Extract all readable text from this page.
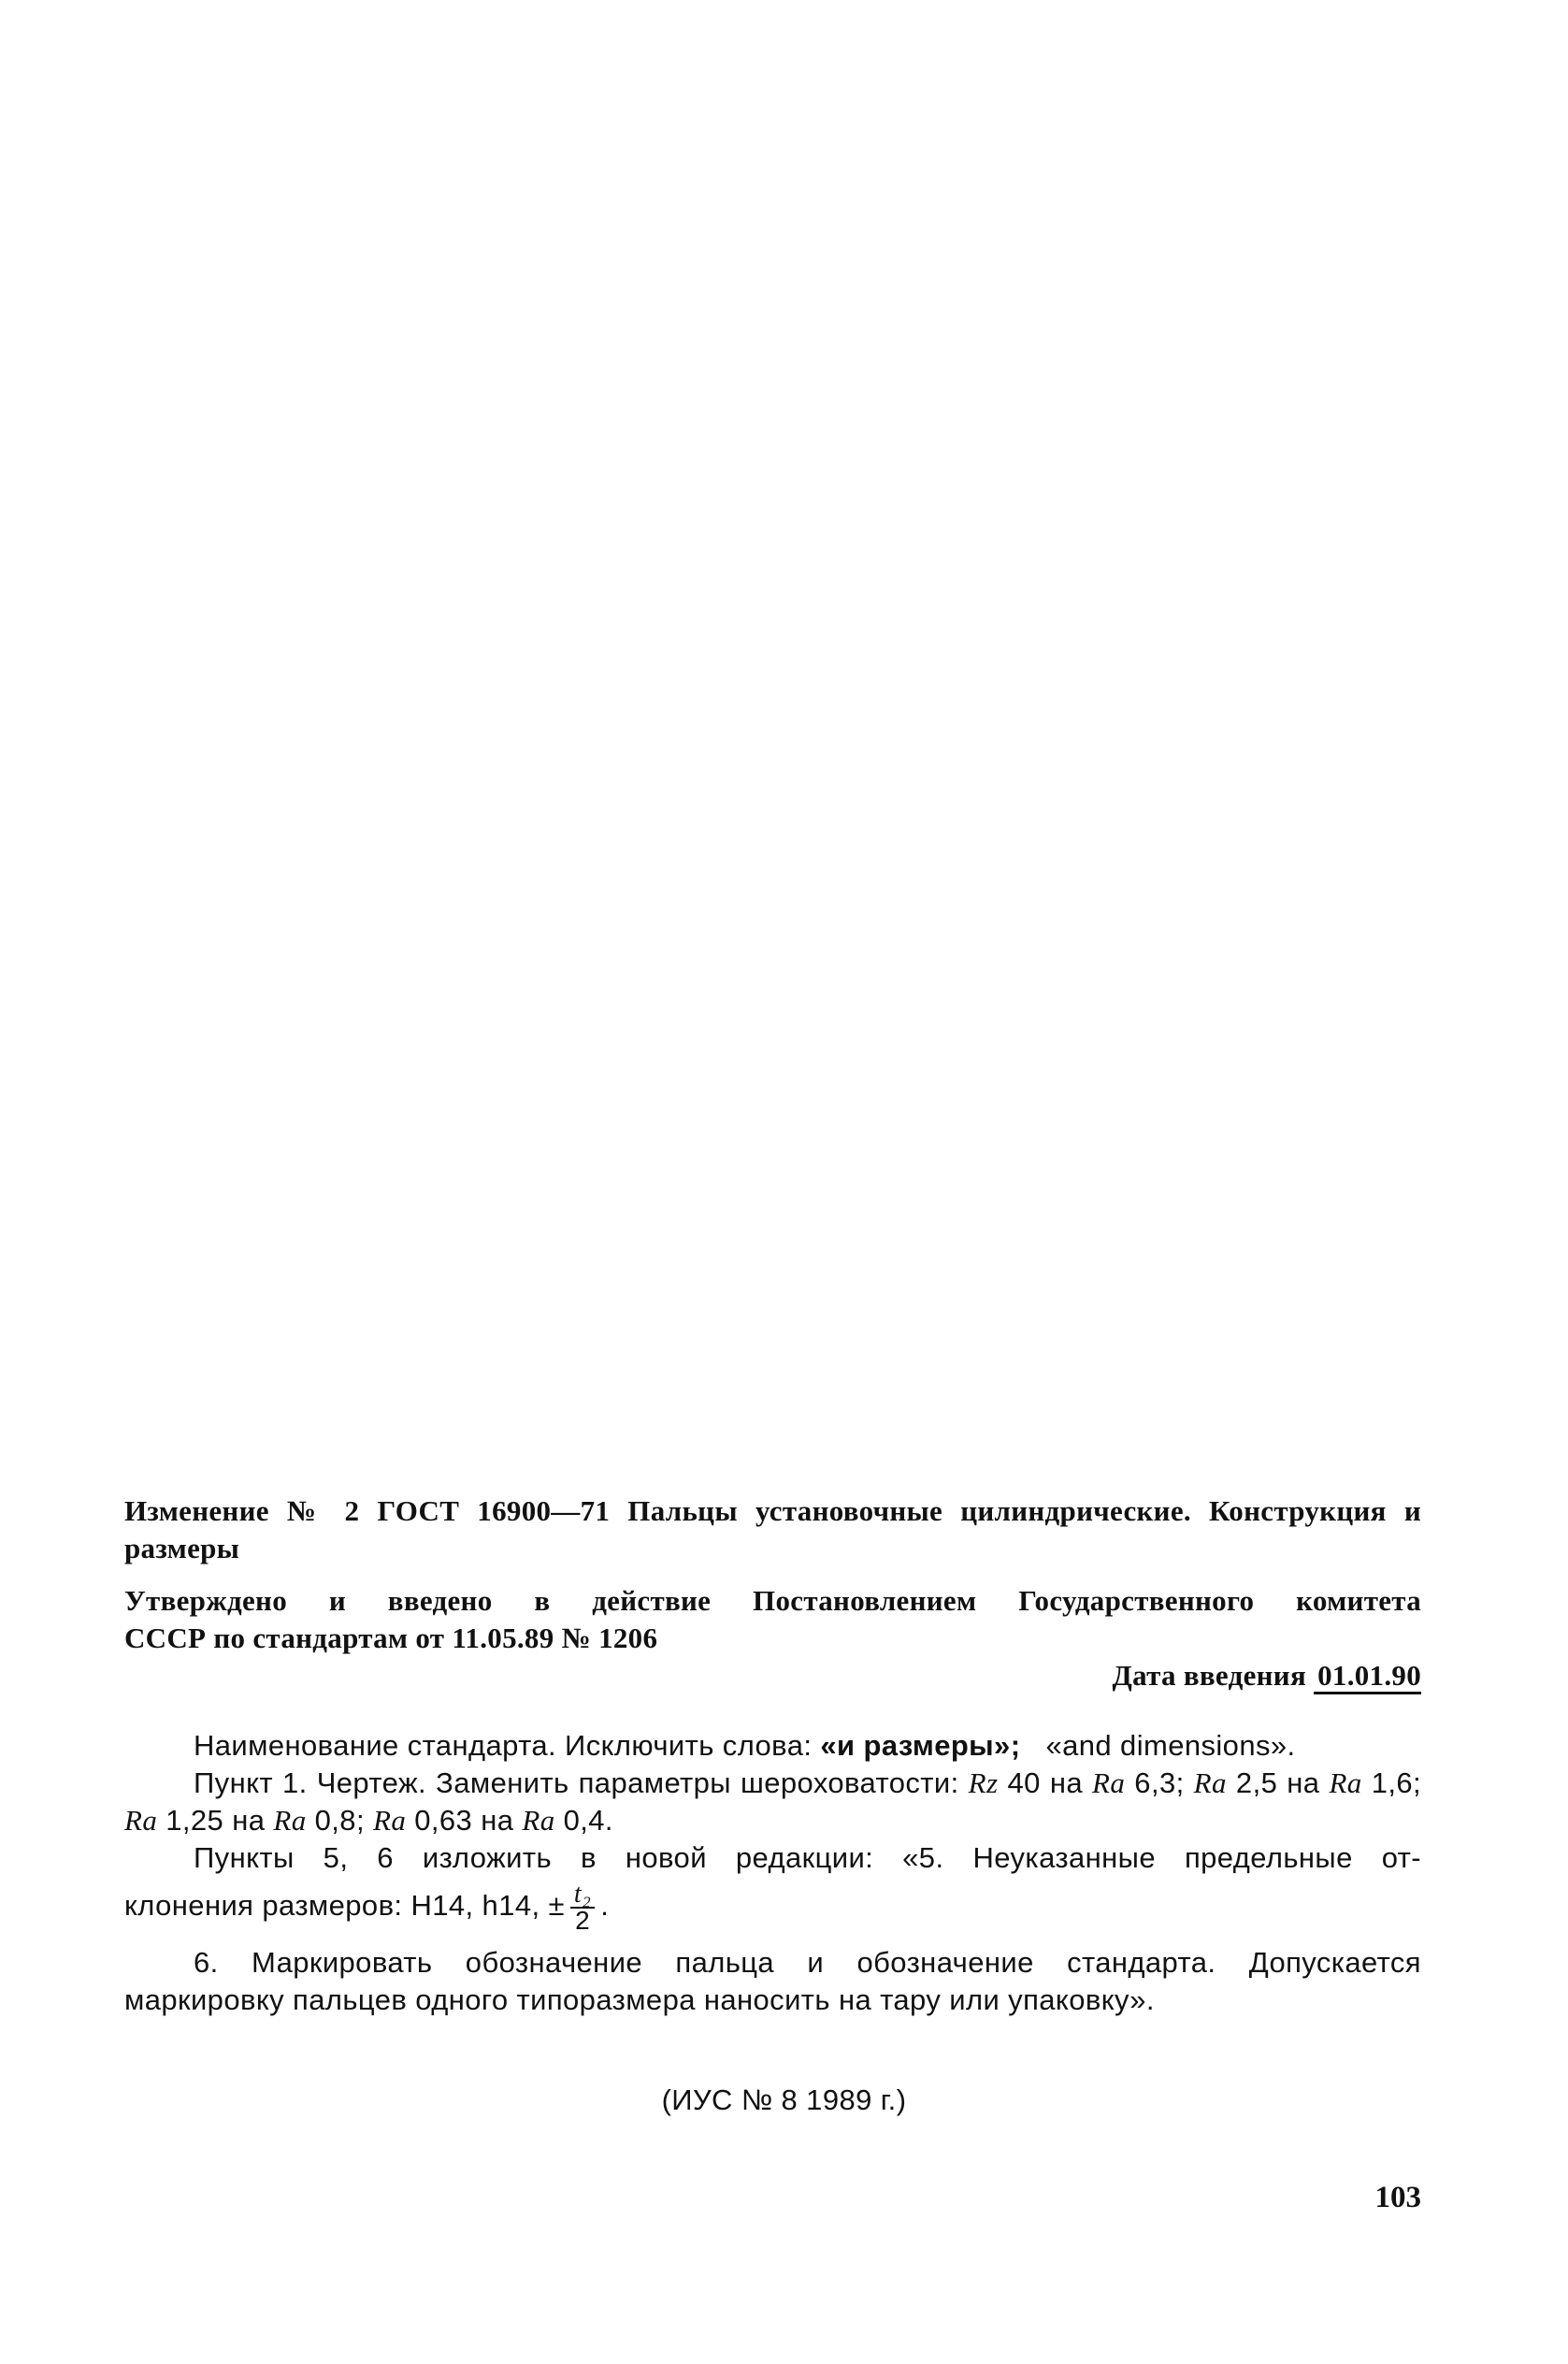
Изменение № 2 ГОСТ 16900—71 Пальцы установочные цилиндрические. Конструкция и размеры
Утверждено и введено в действие Постановлением Государственного комитета
СССР по стандартам от 11.05.89 № 1206
Дата введения 01.01.90

Наименование стандарта. Исключить слова: «и размеры»; «and dimensions».

Пункт 1. Чертеж. Заменить параметры шероховатости: Rz 40 на Ra 6,3; Ra 2,5 на Ra 1,6; Ra 1,25 на Ra 0,8; Ra 0,63 на Ra 0,4.

Пункты 5, 6 изложить в новой редакции: «5. Неуказанные предельные от-

клонения размеров: H14, h14, ± $\frac{\text{t₂}}{2}$ .

6. Маркировать обозначение пальца и обозначение стандарта. Допускается

маркировку пальцев одного типоразмера наносить на тару или упаковку».

(ИУС № 8 1989 г.)
103
